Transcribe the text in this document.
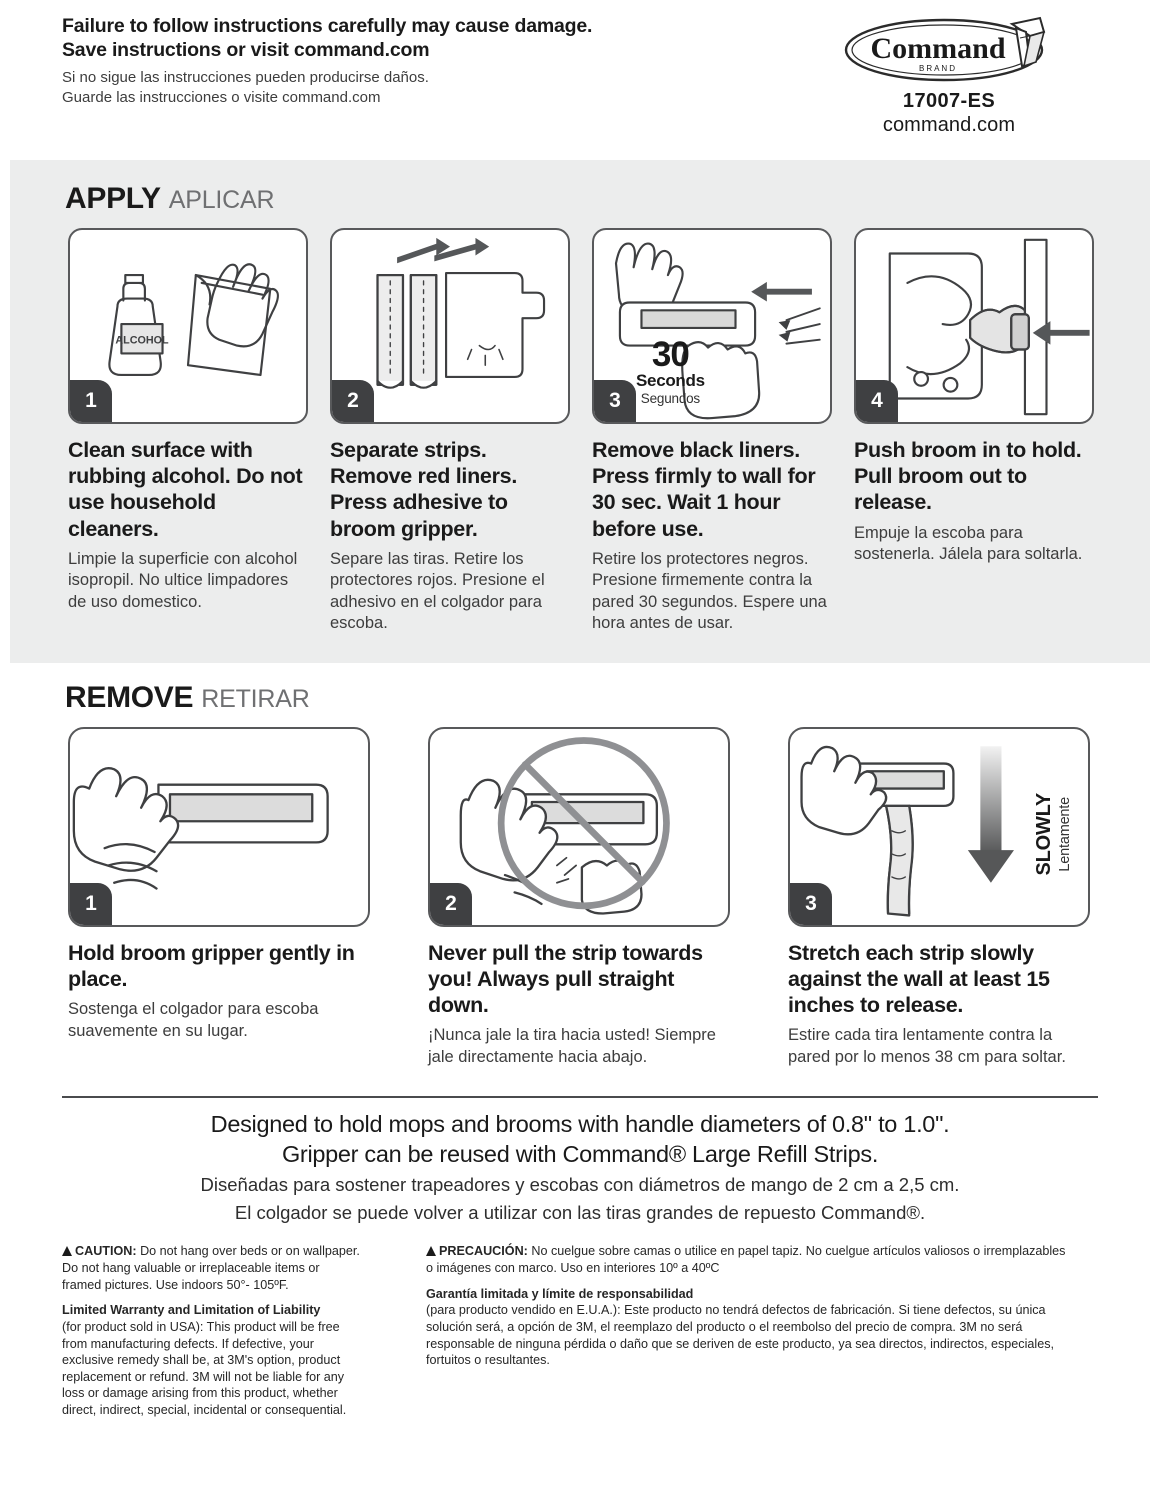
Failure to follow instructions carefully may cause damage. Save instructions or visit command.com
Si no sigue las instrucciones pueden producirse daños. Guarde las instrucciones o visite command.com
Command
BRAND
17007-ES
command.com
APPLY APLICAR
ALCOHOL
1
Clean surface with rubbing alcohol. Do not use household cleaners.
Limpie la superficie con alcohol isopropil. No ultice limpadores de uso domestico.
2
Separate strips. Remove red liners. Press adhesive to broom gripper.
Separe las tiras. Retire los protectores rojos. Presione el adhesivo en el colgador para escoba.
30
Seconds
Segundos
3
Remove black liners. Press firmly to wall for 30 sec. Wait 1 hour before use.
Retire los protectores negros. Presione firmemente contra la pared 30 segundos. Espere una hora antes de usar.
4
Push broom in to hold. Pull broom out to release.
Empuje la escoba para sostenerla. Jálela para soltarla.
REMOVE RETIRAR
1
Hold broom gripper gently in place.
Sostenga el colgador para escoba suavemente en su lugar.
2
Never pull the strip towards you! Always pull straight down.
¡Nunca jale la tira hacia usted! Siempre jale directamente hacia abajo.
SLOWLY Lentamente
3
Stretch each strip slowly against the wall at least 15 inches to release.
Estire cada tira lentamente contra la pared por lo menos 38 cm para soltar.
Designed to hold mops and brooms with handle diameters of 0.8" to 1.0".
Gripper can be reused with Command® Large Refill Strips.
Diseñadas para sostener trapeadores y escobas con diámetros de mango de 2 cm a 2,5 cm.
El colgador se puede volver a utilizar con las tiras grandes de repuesto Command®.
CAUTION: Do not hang over beds or on wallpaper. Do not hang valuable or irreplaceable items or framed pictures. Use indoors 50°- 105ºF.
Limited Warranty and Limitation of Liability
(for product sold in USA): This product will be free from manufacturing defects. If defective, your exclusive remedy shall be, at 3M's option, product replacement or refund. 3M will not be liable for any loss or damage arising from this product, whether direct, indirect, special, incidental or consequential.
PRECAUCIÓN: No cuelgue sobre camas o utilice en papel tapiz. No cuelgue artículos valiosos o irremplazables o imágenes con marco. Uso en interiores 10º a 40ºC
Garantía limitada y límite de responsabilidad
(para producto vendido en E.U.A.): Este producto no tendrá defectos de fabricación. Si tiene defectos, su única solución será, a opción de 3M, el reemplazo del producto o el reembolso del precio de compra. 3M no será responsable de ninguna pérdida o daño que se deriven de este producto, ya sea directos, indirectos, especiales, fortuitos o resultantes.
